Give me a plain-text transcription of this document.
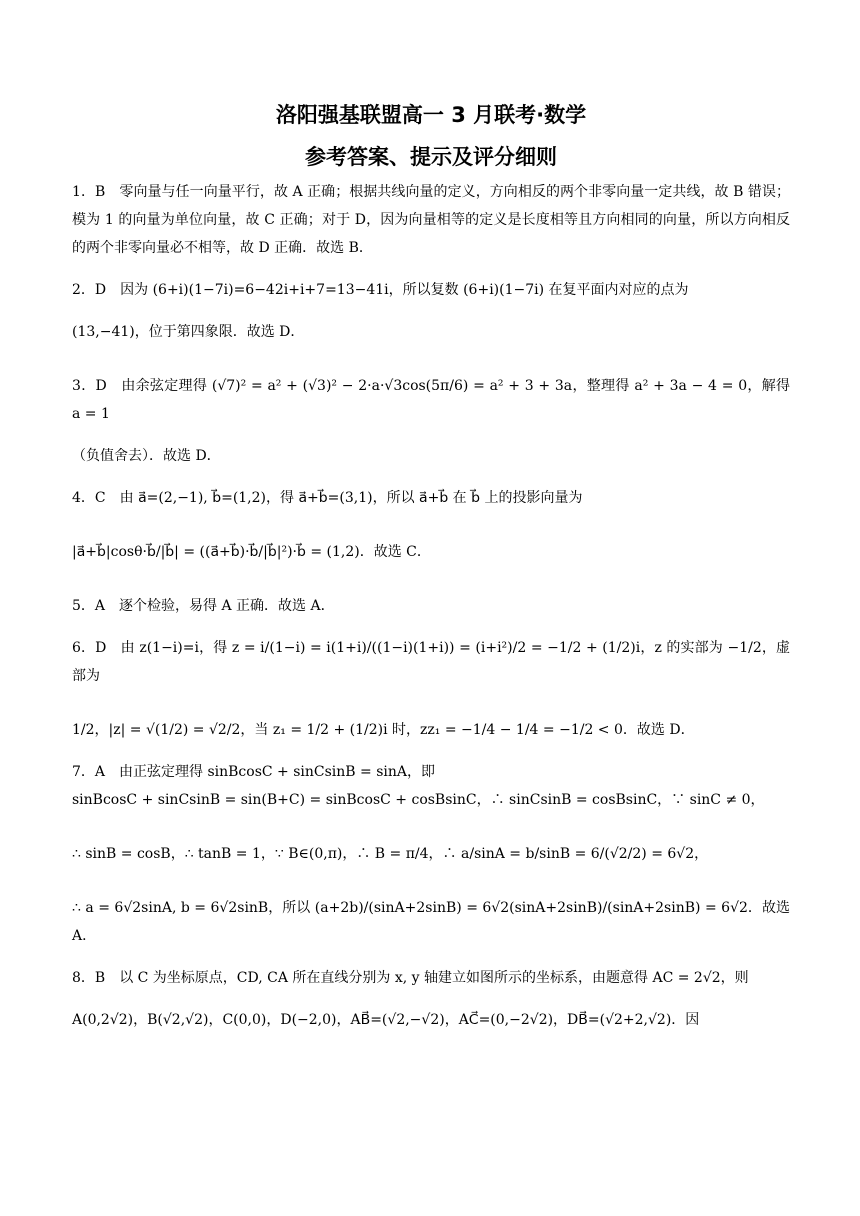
洛阳强基联盟高一 3 月联考·数学
参考答案、提示及评分细则

1．B　零向量与任一向量平行，故 A 正确；根据共线向量的定义，方向相反的两个非零向量一定共线，故 B 错误；模为 1 的向量为单位向量，故 C 正确；对于 D，因为向量相等的定义是长度相等且方向相同的向量，所以方向相反的两个非零向量必不相等，故 D 正确．故选 B．

2．D　因为 (6+i)(1−7i)=6−42i+i+7=13−41i，所以复数 (6+i)(1−7i) 在复平面内对应的点为

(13,−41)，位于第四象限．故选 D．

3．D　由余弦定理得 (√7)² = a² + (√3)² − 2·a·√3cos(5π/6) = a² + 3 + 3a，整理得 a² + 3a − 4 = 0，解得 a = 1

（负值舍去）．故选 D．

4．C　由 a⃗=(2,−1), b⃗=(1,2)，得 a⃗+b⃗=(3,1)，所以 a⃗+b⃗ 在 b⃗ 上的投影向量为

|a⃗+b⃗|cosθ·b⃗/|b⃗| = ((a⃗+b⃗)·b⃗/|b⃗|²)·b⃗ = (1,2)．故选 C．

5．A　逐个检验，易得 A 正确．故选 A．

6．D　由 z(1−i)=i，得 z = i/(1−i) = i(1+i)/((1−i)(1+i)) = (i+i²)/2 = −1/2 + (1/2)i，z 的实部为 −1/2，虚部为

1/2，|z| = √(1/2) = √2/2，当 z₁ = 1/2 + (1/2)i 时，zz₁ = −1/4 − 1/4 = −1/2 < 0．故选 D．

7．A　由正弦定理得 sinBcosC + sinCsinB = sinA，即

sinBcosC + sinCsinB = sin(B+C) = sinBcosC + cosBsinC，∴ sinCsinB = cosBsinC，∵ sinC ≠ 0，

∴ sinB = cosB，∴ tanB = 1，∵ B∈(0,π)，∴ B = π/4，∴ a/sinA = b/sinB = 6/(√2/2) = 6√2，

∴ a = 6√2sinA, b = 6√2sinB，所以 (a+2b)/(sinA+2sinB) = 6√2(sinA+2sinB)/(sinA+2sinB) = 6√2．故选 A．

8．B　以 C 为坐标原点，CD, CA 所在直线分别为 x, y 轴建立如图所示的坐标系，由题意得 AC = 2√2，则

A(0,2√2)，B(√2,√2)，C(0,0)，D(−2,0)，AB⃗=(√2,−√2)，AC⃗=(0,−2√2)，DB⃗=(√2+2,√2)．因
